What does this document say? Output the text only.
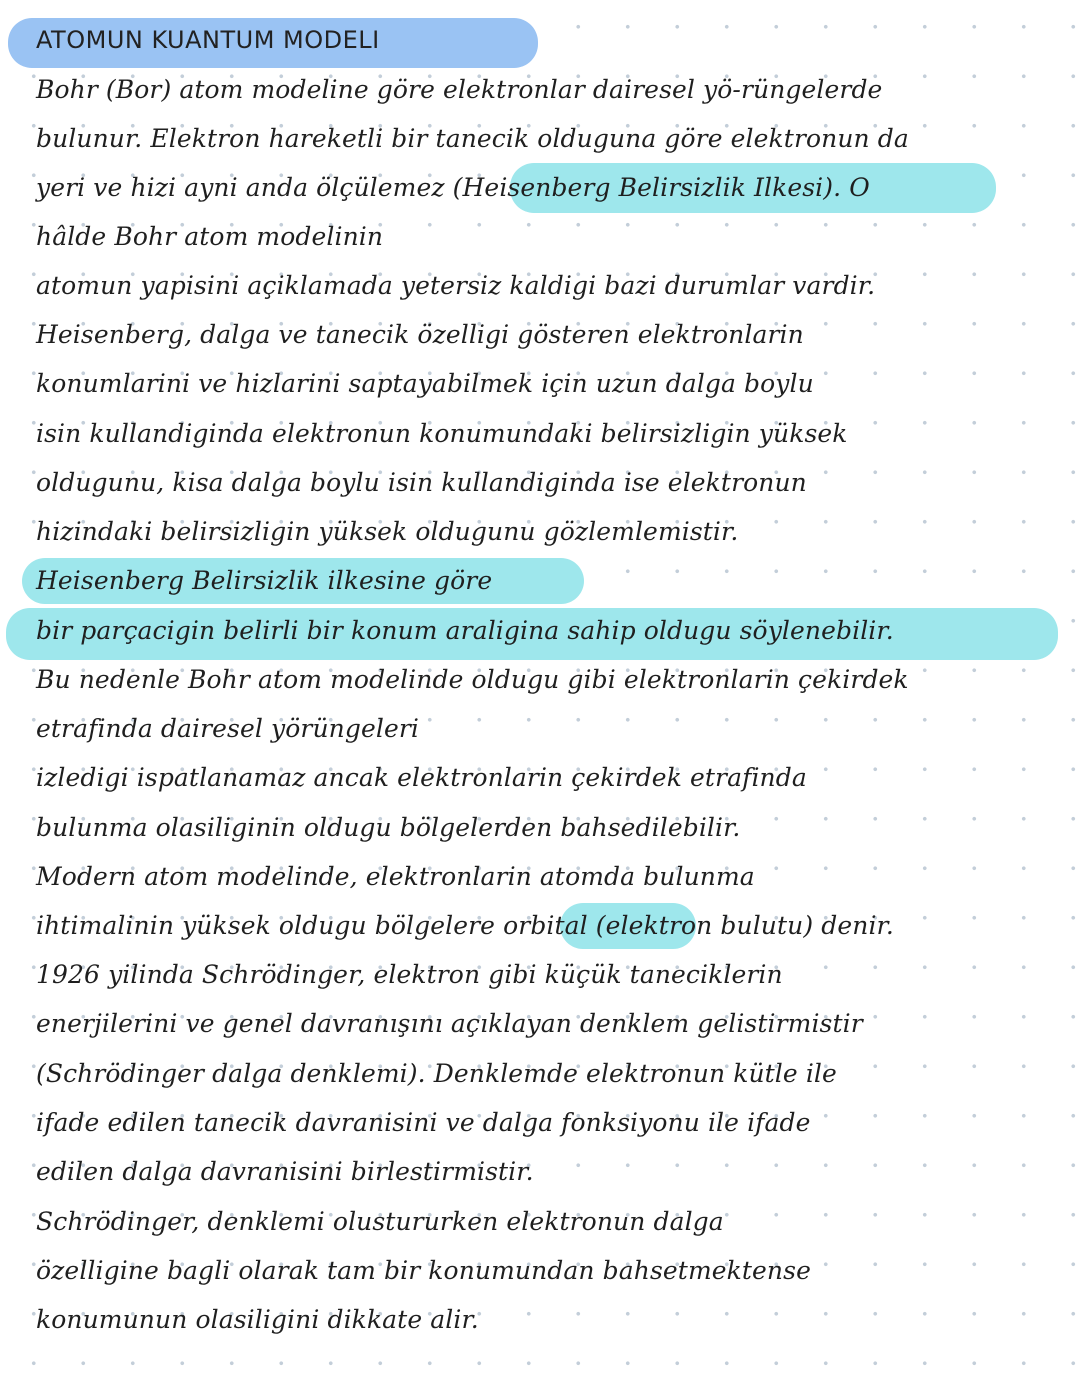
ATOMUN KUANTUM MODELI
Bohr (Bor) atom modeline göre elektronlar dairesel yö-rüngelerde
bulunur. Elektron hareketli bir tanecik olduguna göre elektronun da
yeri ve hizi ayni anda ölçülemez (Heisenberg Belirsizlik Ilkesi). O
hâlde Bohr atom modelinin
atomun yapisini açiklamada yetersiz kaldigi bazi durumlar vardir.
Heisenberg, dalga ve tanecik özelligi gösteren elektronlarin
konumlarini ve hizlarini saptayabilmek için uzun dalga boylu
isin kullandiginda elektronun konumundaki belirsizligin yüksek
oldugunu, kisa dalga boylu isin kullandiginda ise elektronun
hizindaki belirsizligin yüksek oldugunu gözlemlemistir.
Heisenberg Belirsizlik ilkesine göre
bir parçacigin belirli bir konum araligina sahip oldugu söylenebilir.
Bu nedenle Bohr atom modelinde oldugu gibi elektronlarin çekirdek
etrafinda dairesel yörüngeleri
izledigi ispatlanamaz ancak elektronlarin çekirdek etrafinda
bulunma olasiliginin oldugu bölgelerden bahsedilebilir.
Modern atom modelinde, elektronlarin atomda bulunma
ihtimalinin yüksek oldugu bölgelere orbital (elektron bulutu) denir.
1926 yilinda Schrödinger, elektron gibi küçük taneciklerin
enerjilerini ve genel davranışını açıklayan denklem gelistirmistir
(Schrödinger dalga denklemi). Denklemde elektronun kütle ile
ifade edilen tanecik davranisini ve dalga fonksiyonu ile ifade
edilen dalga davranisini birlestirmistir.
Schrödinger, denklemi olustururken elektronun dalga
özelligine bagli olarak tam bir konumundan bahsetmektense
konumunun olasiligini dikkate alir.
